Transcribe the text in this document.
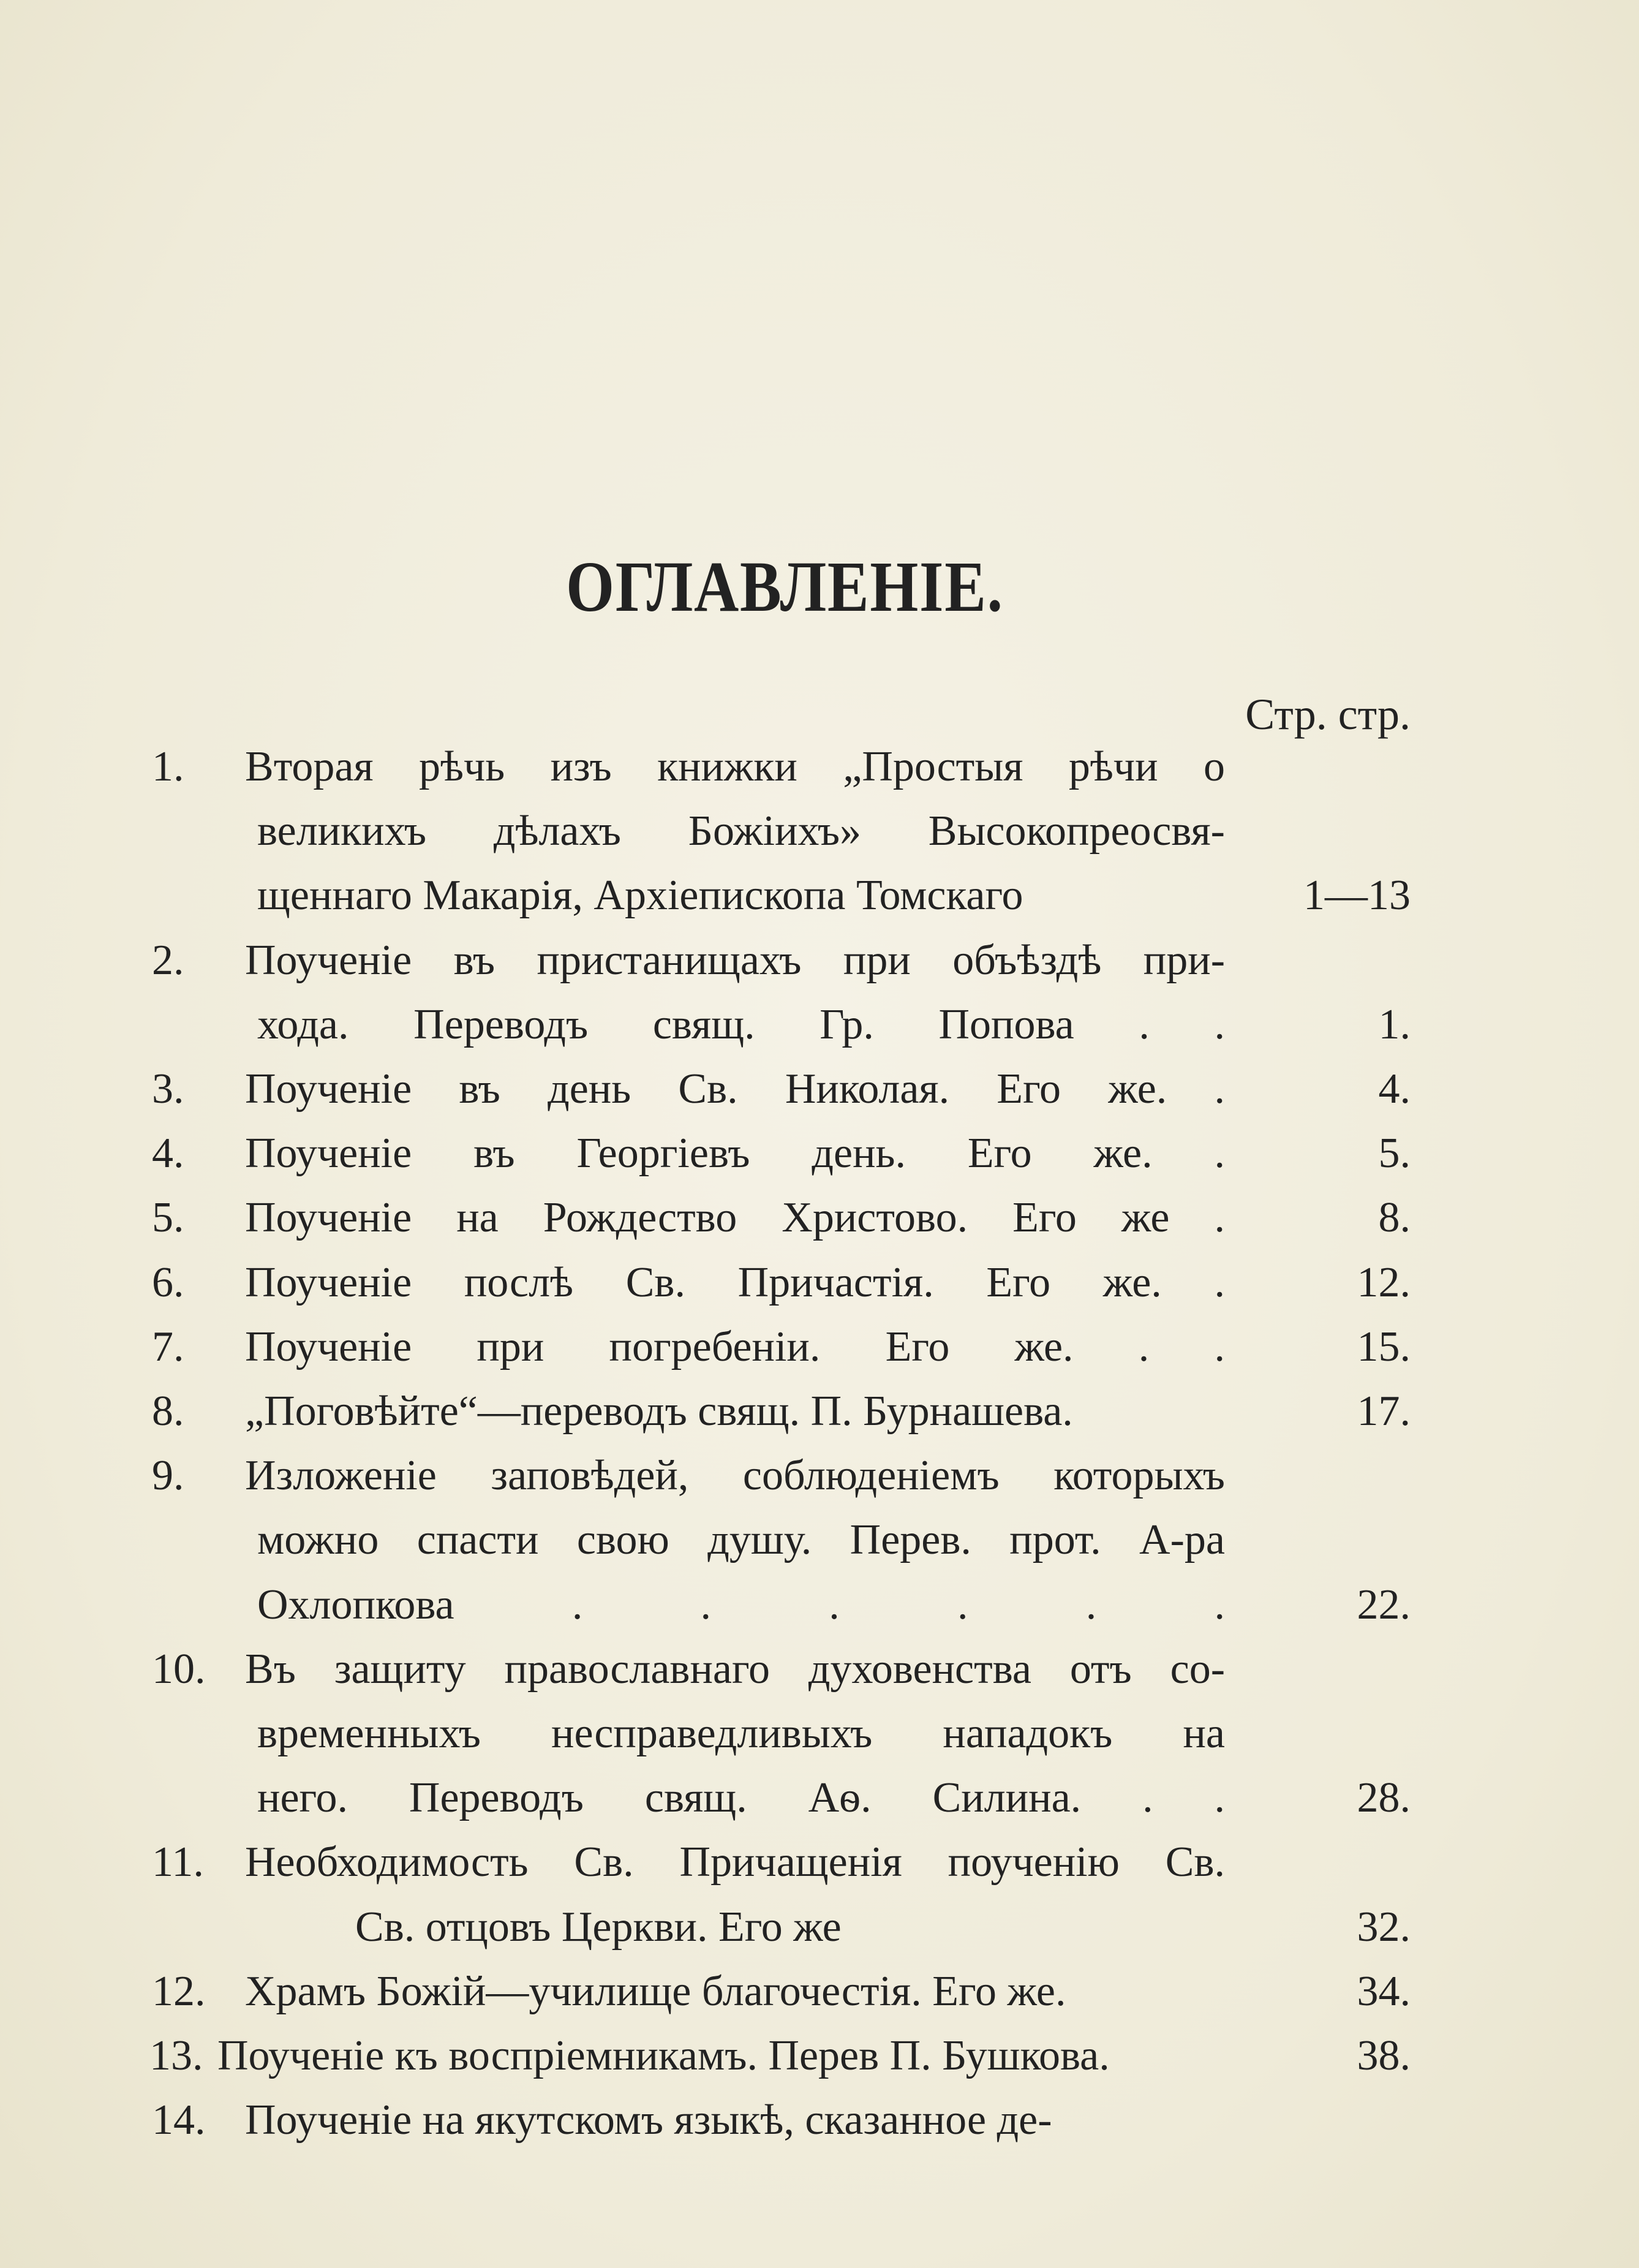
ОГЛАВЛЕНІЕ.
Стр. стр.
1. Вторая рѣчь изъ книжки „Простыя рѣчи о
великихъ дѣлахъ Божіихъ» Высокопреосвя-
щеннаго Макарія, Архіепископа Томскаго	1—13
2. Поученіе въ пристанищахъ при объѣздѣ при-
хода. Переводъ свящ. Гр. Попова . .	1.
3. Поученіе въ день Св. Николая. Его же. .	4.
4. Поученіе въ Георгіевъ день. Его же. .	5.
5. Поученіе на Рождество Христово. Его же .	8.
6. Поученіе послѣ Св. Причастія. Его же. .	12.
7. Поученіе при погребеніи. Его же. . .	15.
8. „Поговѣйте“—переводъ свящ. П. Бурнашева.	17.
9. Изложеніе заповѣдей, соблюденіемъ которыхъ
можно спасти свою душу. Перев. прот. А-ра
Охлопкова . . . . . .	22.
10. Въ защиту православнаго духовенства отъ со-
временныхъ несправедливыхъ нападокъ на
него. Переводъ свящ. Аѳ. Силина. . .	28.
11. Необходимость Св. Причащенія поученію Св.
Св. отцовъ Церкви. Его же	32.
12. Храмъ Божій—училище благочестія. Его же.	34.
13. Поученіе къ воспріемникамъ. Перев П. Бушкова.	38.
14. Поученіе на якутскомъ языкѣ, сказанное де-
